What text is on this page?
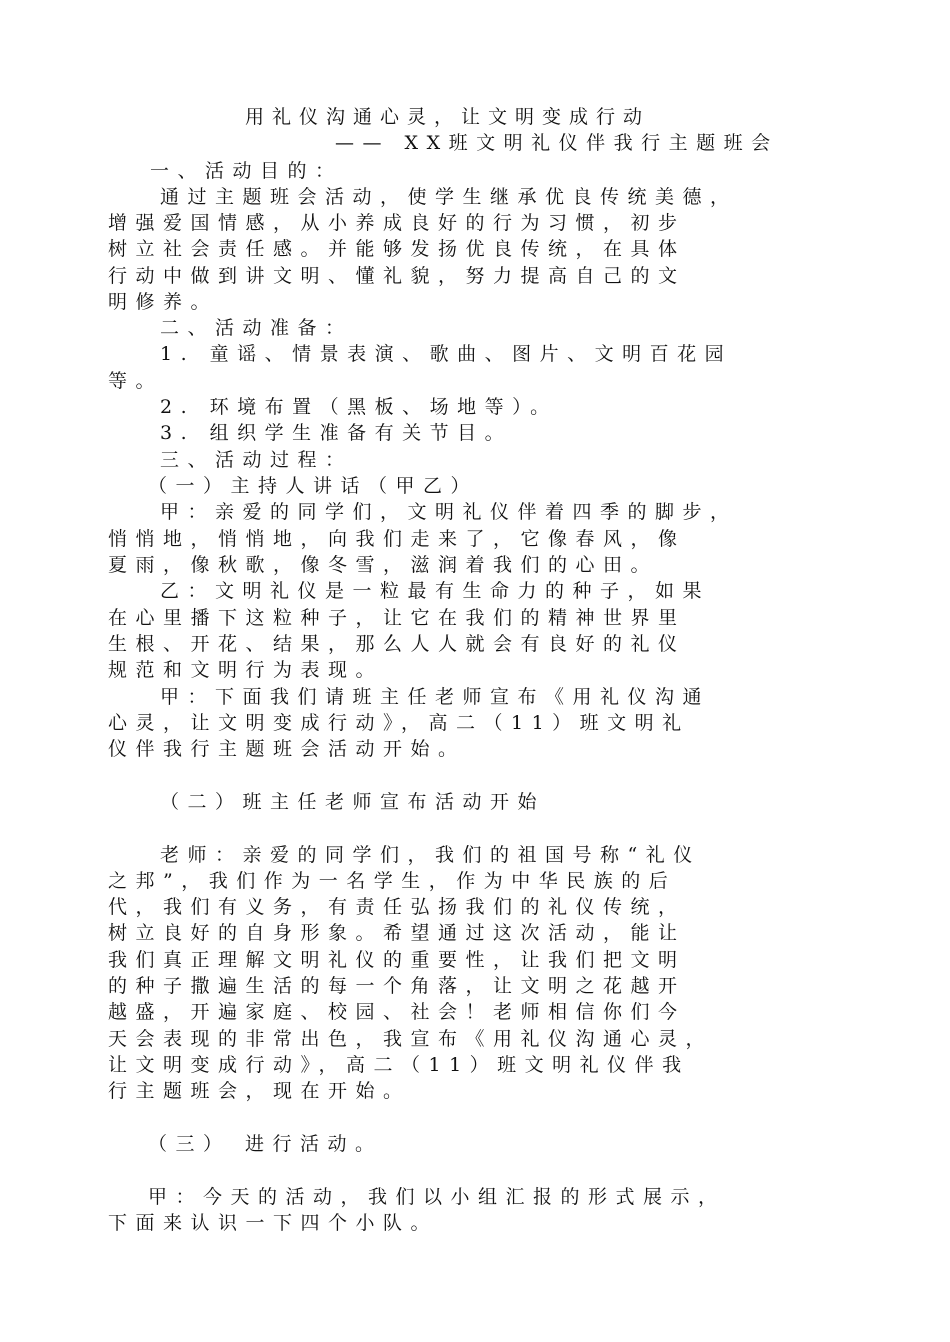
用礼仪沟通心灵，让文明变成行动
—— XX班文明礼仪伴我行主题班会
一、活动目的：
通过主题班会活动，使学生继承优良传统美德，
增强爱国情感，从小养成良好的行为习惯，初步
树立社会责任感。并能够发扬优良传统，在具体
行动中做到讲文明、懂礼貌，努力提高自己的文
明修养。
二、活动准备：
1. 童谣、情景表演、歌曲、图片、文明百花园
等。
2. 环境布置（黑板、场地等）。
3. 组织学生准备有关节目。
三、活动过程：
（一）主持人讲话（甲乙）
甲：亲爱的同学们，文明礼仪伴着四季的脚步，
悄悄地，悄悄地，向我们走来了，它像春风，像
夏雨，像秋歌，像冬雪，滋润着我们的心田。
乙：文明礼仪是一粒最有生命力的种子，如果
在心里播下这粒种子，让它在我们的精神世界里
生根、开花、结果，那么人人就会有良好的礼仪
规范和文明行为表现。
甲：下面我们请班主任老师宣布《用礼仪沟通
心灵，让文明变成行动》，高二（11）班文明礼
仪伴我行主题班会活动开始。
（二）班主任老师宣布活动开始
老师：亲爱的同学们，我们的祖国号称“礼仪
之邦”，我们作为一名学生，作为中华民族的后
代，我们有义务，有责任弘扬我们的礼仪传统，
树立良好的自身形象。希望通过这次活动，能让
我们真正理解文明礼仪的重要性，让我们把文明
的种子撒遍生活的每一个角落，让文明之花越开
越盛，开遍家庭、校园、社会！老师相信你们今
天会表现的非常出色，我宣布《用礼仪沟通心灵，
让文明变成行动》，高二（11）班文明礼仪伴我
行主题班会，现在开始。
（三） 进行活动。
甲：今天的活动，我们以小组汇报的形式展示，
下面来认识一下四个小队。
